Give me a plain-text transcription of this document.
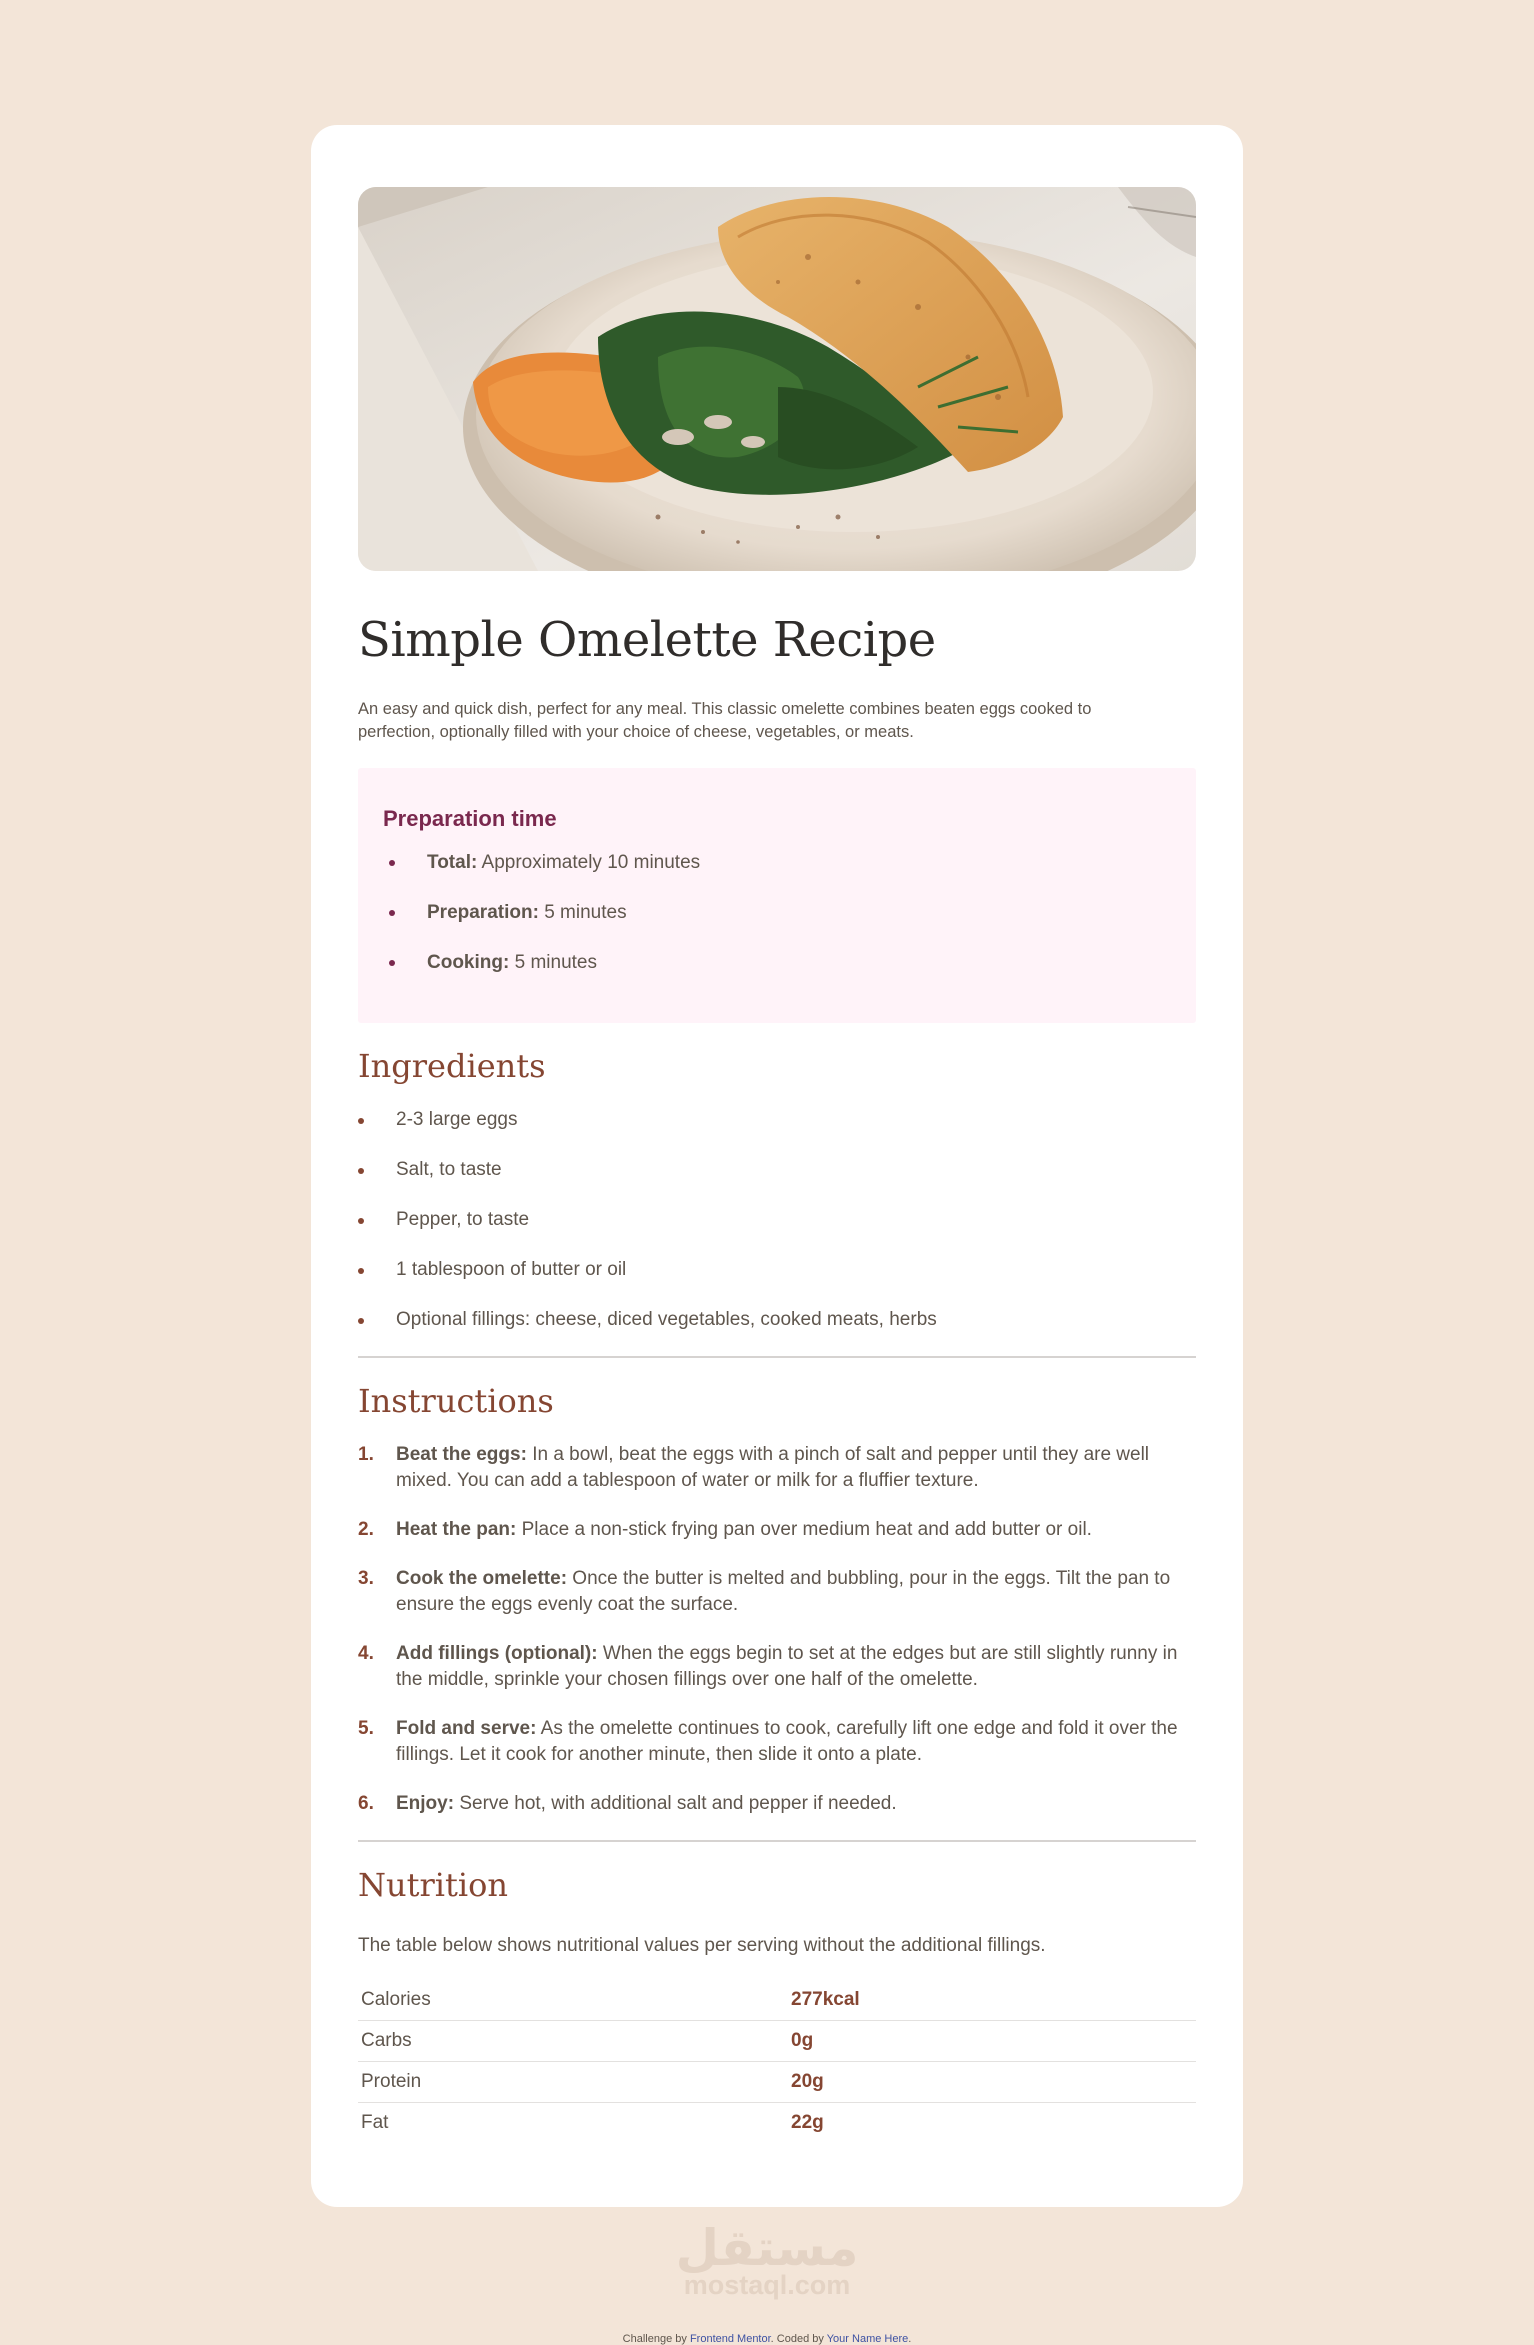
Simple Omelette Recipe

An easy and quick dish, perfect for any meal. This classic omelette combines beaten eggs cooked to perfection, optionally filled with your choice of cheese, vegetables, or meats.

Preparation time
Total: Approximately 10 minutes
Preparation: 5 minutes
Cooking: 5 minutes
Ingredients
2-3 large eggs
Salt, to taste
Pepper, to taste
1 tablespoon of butter or oil
Optional fillings: cheese, diced vegetables, cooked meats, herbs
Instructions
1. Beat the eggs: In a bowl, beat the eggs with a pinch of salt and pepper until they are well mixed. You can add a tablespoon of water or milk for a fluffier texture.
2. Heat the pan: Place a non-stick frying pan over medium heat and add butter or oil.
3. Cook the omelette: Once the butter is melted and bubbling, pour in the eggs. Tilt the pan to ensure the eggs evenly coat the surface.
4. Add fillings (optional): When the eggs begin to set at the edges but are still slightly runny in the middle, sprinkle your chosen fillings over one half of the omelette.
5. Fold and serve: As the omelette continues to cook, carefully lift one edge and fold it over the fillings. Let it cook for another minute, then slide it onto a plate.
6. Enjoy: Serve hot, with additional salt and pepper if needed.
Nutrition

The table below shows nutritional values per serving without the additional fillings.

Calories	277kcal
Carbs	0g
Protein	20g
Fat	22g
مستقل
mostaql.com
Challenge by Frontend Mentor. Coded by Your Name Here.
